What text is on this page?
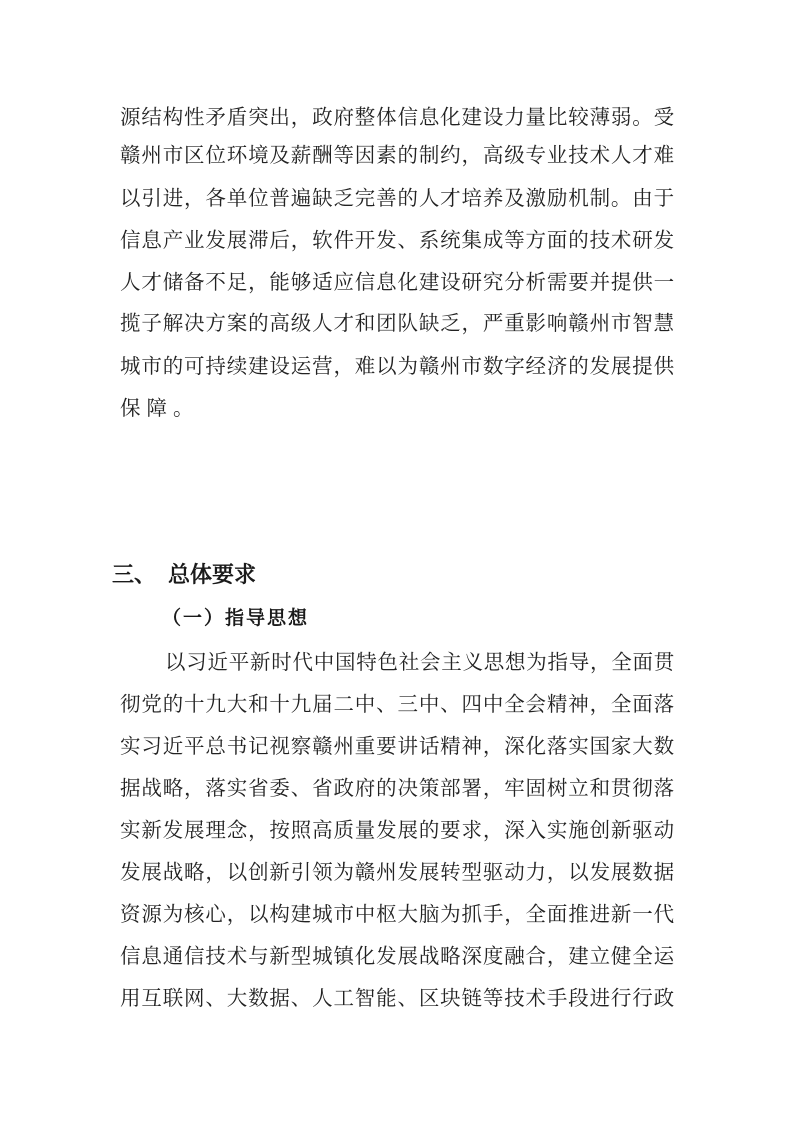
源​结​构​性​矛​盾​突​出​，​政​府​整​体​信​息​化​建​设​力​量​比​较​薄​弱​。​受
赣​州​市​区​位​环​境​及​薪​酬​等​因​素​的​制​约​，​高​级​专​业​技​术​人​才​难
以​引​进​，​各​单​位​普​遍​缺​乏​完​善​的​人​才​培​养​及​激​励​机​制​。​由​于
信​息​产​业​发​展​滞​后​，​软​件​开​发​、​系​统​集​成​等​方​面​的​技​术​研​发
人​才​储​备​不​足​，​能​够​适​应​信​息​化​建​设​研​究​分​析​需​要​并​提​供​一
揽​子​解​决​方​案​的​高​级​人​才​和​团​队​缺​乏​，​严​重​影​响​赣​州​市​智​慧
城​市​的​可​持​续​建​设​运​营​，​难​以​为​赣​州​市​数​字​经​济​的​发​展​提​供
保障。
三、 总体要求
（一）指导思想
以​习​近​平​新​时​代​中​国​特​色​社​会​主​义​思​想​为​指​导​，​全​面​贯
彻​党​的​十​九​大​和​十​九​届​二​中​、​三​中​、​四​中​全​会​精​神​，​全​面​落
实​习​近​平​总​书​记​视​察​赣​州​重​要​讲​话​精​神​，​深​化​落​实​国​家​大​数
据​战​略​，​落​实​省​委​、​省​政​府​的​决​策​部​署​，​牢​固​树​立​和​贯​彻​落
实​新​发​展​理​念​，​按​照​高​质​量​发​展​的​要​求​，​深​入​实​施​创​新​驱​动
发​展​战​略​，​以​创​新​引​领​为​赣​州​发​展​转​型​驱​动​力​，​以​发​展​数​据
资​源​为​核​心​，​以​构​建​城​市​中​枢​大​脑​为​抓​手​，​全​面​推​进​新​一​代
信​息​通​信​技​术​与​新​型​城​镇​化​发​展​战​略​深​度​融​合​，​建​立​健​全​运
用​互​联​网​、​大​数​据​、​人​工​智​能​、​区​块​链​等​技​术​手​段​进​行​行​政
